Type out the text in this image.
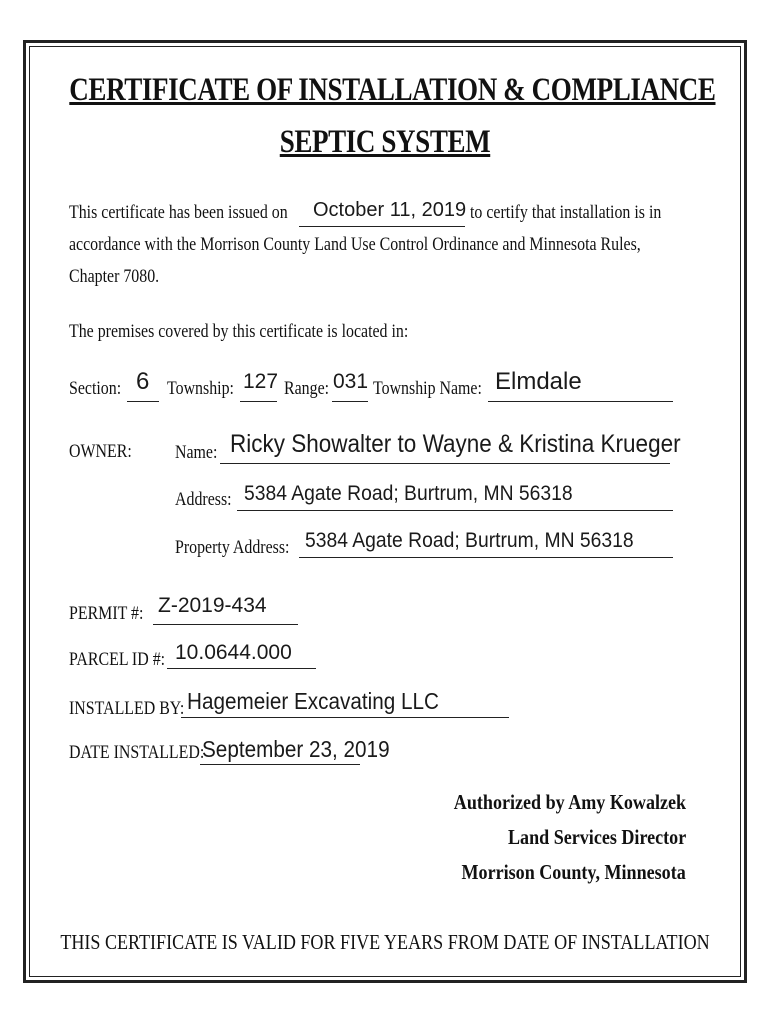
CERTIFICATE OF INSTALLATION & COMPLIANCE
SEPTIC SYSTEM
This certificate has been issued on October 11, 2019 to certify that installation is in
accordance with the Morrison County Land Use Control Ordinance and Minnesota Rules,
Chapter 7080.
The premises covered by this certificate is located in:
Section: 6 Township: 127 Range: 031 Township Name: Elmdale
OWNER: Name: Ricky Showalter to Wayne & Kristina Krueger
Address: 5384 Agate Road; Burtrum, MN 56318
Property Address: 5384 Agate Road; Burtrum, MN 56318
PERMIT #: Z-2019-434
PARCEL ID #: 10.0644.000
INSTALLED BY: Hagemeier Excavating LLC
DATE INSTALLED:
September 23, 2019
Authorized by Amy Kowalzek
Land Services Director
Morrison County, Minnesota
THIS CERTIFICATE IS VALID FOR FIVE YEARS FROM DATE OF INSTALLATION
